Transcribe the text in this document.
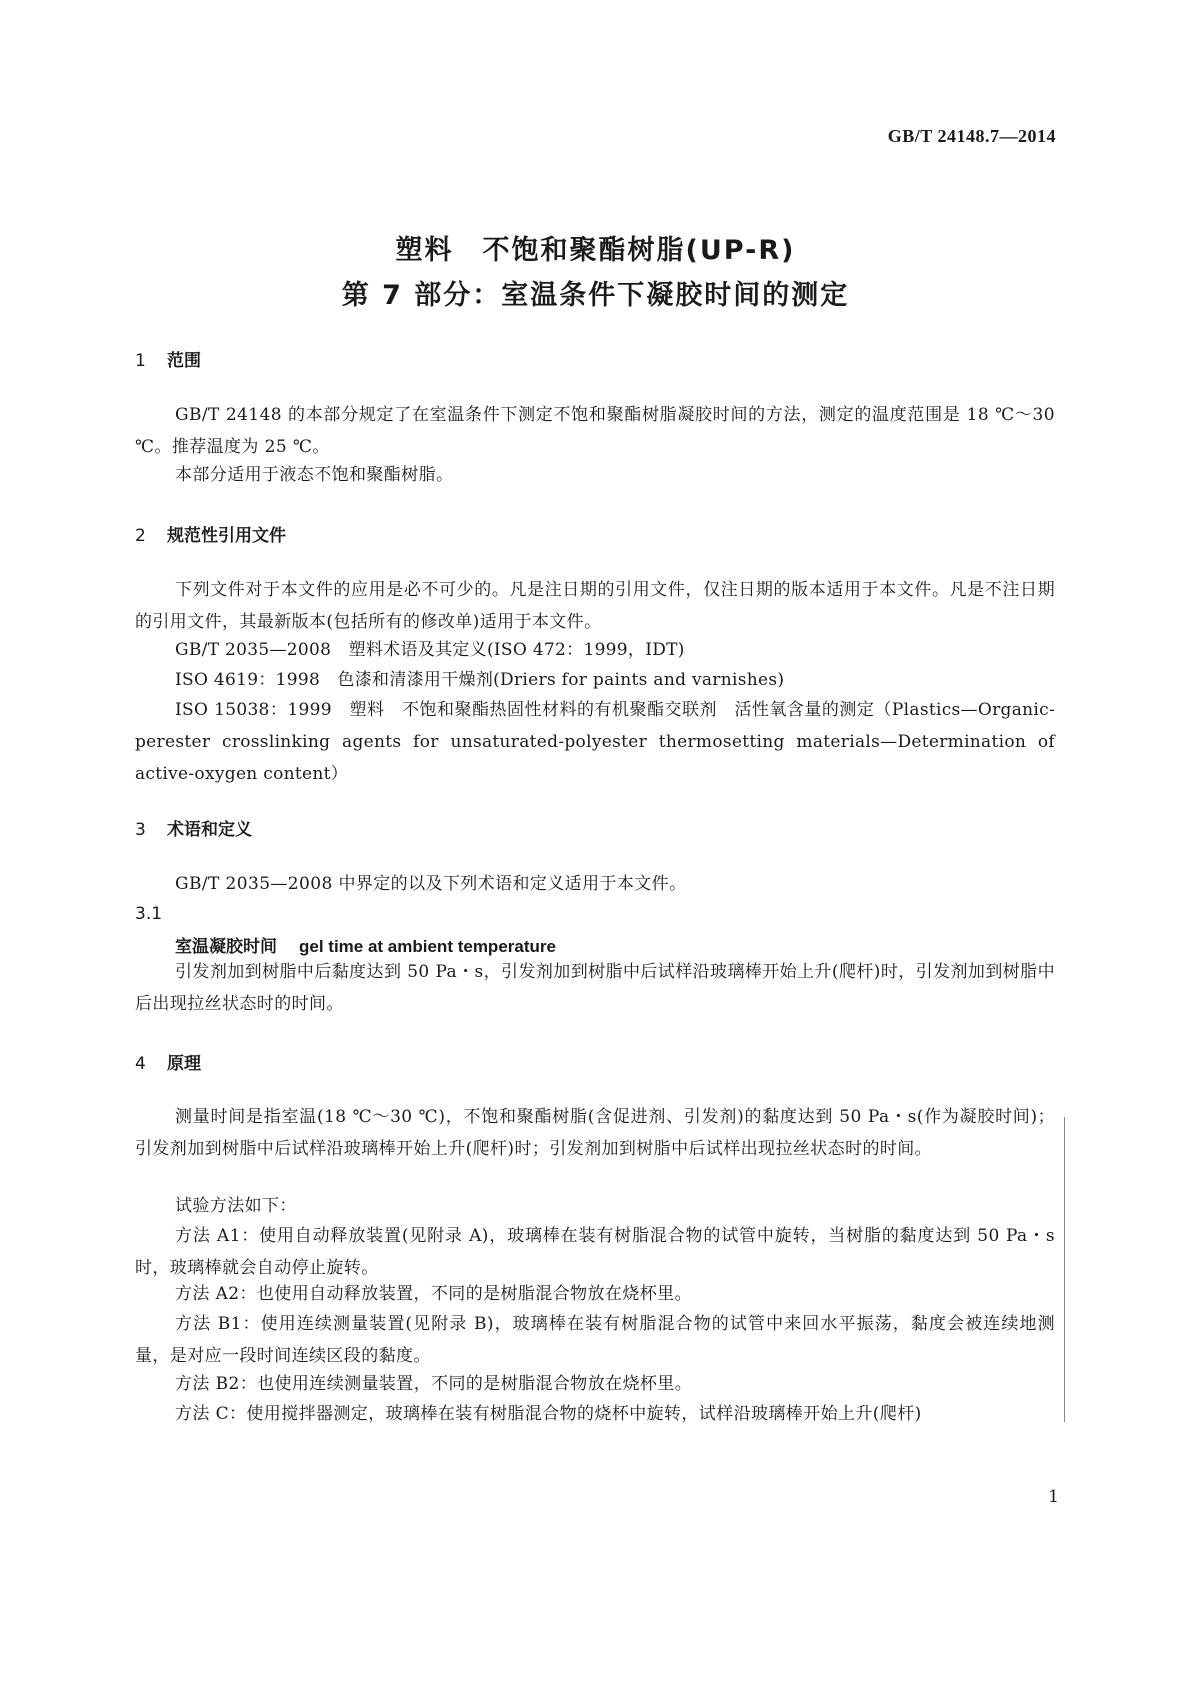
GB/T 24148.7—2014
塑料　不饱和聚酯树脂(UP-R)
第 7 部分：室温条件下凝胶时间的测定
1 范围
GB/T 24148 的本部分规定了在室温条件下测定不饱和聚酯树脂凝胶时间的方法，测定的温度范围是 18 ℃～30 ℃。推荐温度为 25 ℃。
本部分适用于液态不饱和聚酯树脂。
2 规范性引用文件
下列文件对于本文件的应用是必不可少的。凡是注日期的引用文件，仅注日期的版本适用于本文件。凡是不注日期的引用文件，其最新版本(包括所有的修改单)适用于本文件。
GB/T 2035—2008　塑料术语及其定义(ISO 472：1999，IDT)
ISO 4619：1998　色漆和清漆用干燥剂(Driers for paints and varnishes)
ISO 15038：1999　塑料　不饱和聚酯热固性材料的有机聚酯交联剂　活性氧含量的测定（Plastics—Organic-perester crosslinking agents for unsaturated-polyester thermosetting materials—Determination of active-oxygen content）
3 术语和定义
GB/T 2035—2008 中界定的以及下列术语和定义适用于本文件。
3.1
室温凝胶时间 gel time at ambient temperature
引发剂加到树脂中后黏度达到 50 Pa・s，引发剂加到树脂中后试样沿玻璃棒开始上升(爬杆)时，引发剂加到树脂中后出现拉丝状态时的时间。
4 原理
测量时间是指室温(18 ℃～30 ℃)，不饱和聚酯树脂(含促进剂、引发剂)的黏度达到 50 Pa・s(作为凝胶时间)；引发剂加到树脂中后试样沿玻璃棒开始上升(爬杆)时；引发剂加到树脂中后试样出现拉丝状态时的时间。
试验方法如下：
方法 A1：使用自动释放装置(见附录 A)，玻璃棒在装有树脂混合物的试管中旋转，当树脂的黏度达到 50 Pa・s 时，玻璃棒就会自动停止旋转。
方法 A2：也使用自动释放装置，不同的是树脂混合物放在烧杯里。
方法 B1：使用连续测量装置(见附录 B)，玻璃棒在装有树脂混合物的试管中来回水平振荡，黏度会被连续地测量，是对应一段时间连续区段的黏度。
方法 B2：也使用连续测量装置，不同的是树脂混合物放在烧杯里。
方法 C：使用搅拌器测定，玻璃棒在装有树脂混合物的烧杯中旋转，试样沿玻璃棒开始上升(爬杆)
1
